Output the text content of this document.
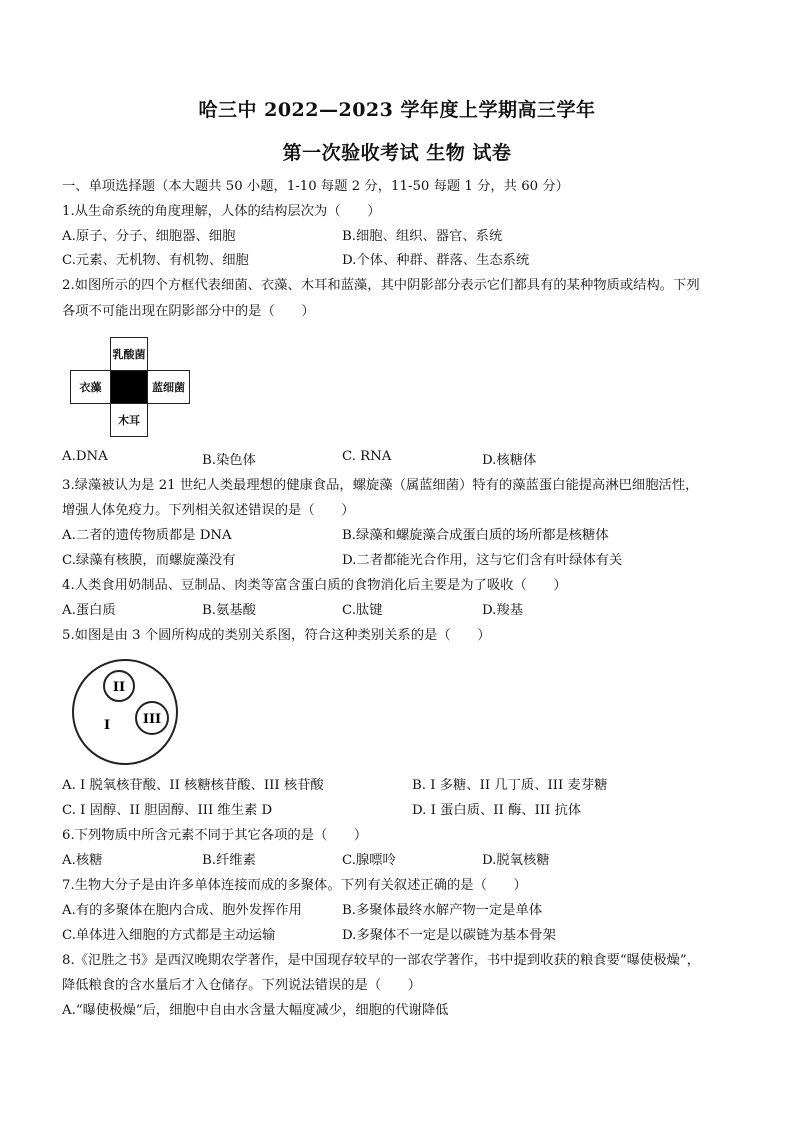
哈三中 2022—2023 学年度上学期高三学年
第一次验收考试 生物 试卷
一、单项选择题（本大题共 50 小题，1-10 每题 2 分，11-50 每题 1 分，共 60 分）
1.从生命系统的角度理解，人体的结构层次为（　　）
A.原子、分子、细胞器、细胞	B.细胞、组织、器官、系统
C.元素、无机物、有机物、细胞	D.个体、种群、群落、生态系统
2.如图所示的四个方框代表细菌、衣藻、木耳和蓝藻，其中阴影部分表示它们都具有的某种物质或结构。下列
各项不可能出现在阴影部分中的是（　　）
乳酸菌
衣藻	蓝细菌
木耳
A.DNA	B.染色体	C. RNA	D.核糖体
3.绿藻被认为是 21 世纪人类最理想的健康食品，螺旋藻（属蓝细菌）特有的藻蓝蛋白能提高淋巴细胞活性，
增强人体免疫力。下列相关叙述错误的是（　　）
A.二者的遗传物质都是 DNA	B.绿藻和螺旋藻合成蛋白质的场所都是核糖体
C.绿藻有核膜，而螺旋藻没有	D.二者都能光合作用，这与它们含有叶绿体有关
4.人类食用奶制品、豆制品、肉类等富含蛋白质的食物消化后主要是为了吸收（　　）
A.蛋白质	B.氨基酸	C.肽键	D.羧基
5.如图是由 3 个圆所构成的类别关系图，符合这种类别关系的是（　　）
II
III
I
A. I 脱氧核苷酸、II 核糖核苷酸、III 核苷酸	B. I 多糖、II 几丁质、III 麦芽糖
C. I 固醇、II 胆固醇、III 维生素 D	D. I 蛋白质、II 酶、III 抗体
6.下列物质中所含元素不同于其它各项的是（　　）
A.核糖	B.纤维素	C.腺嘌呤	D.脱氧核糖
7.生物大分子是由许多单体连接而成的多聚体。下列有关叙述正确的是（　　）
A.有的多聚体在胞内合成、胞外发挥作用	B.多聚体最终水解产物一定是单体
C.单体进入细胞的方式都是主动运输	D.多聚体不一定是以碳链为基本骨架
8.《氾胜之书》是西汉晚期农学著作，是中国现存较早的一部农学著作，书中提到收获的粮食要“曝使极燥”，
降低粮食的含水量后才入仓储存。下列说法错误的是（　　）
A.“曝使极燥”后，细胞中自由水含量大幅度减少，细胞的代谢降低
